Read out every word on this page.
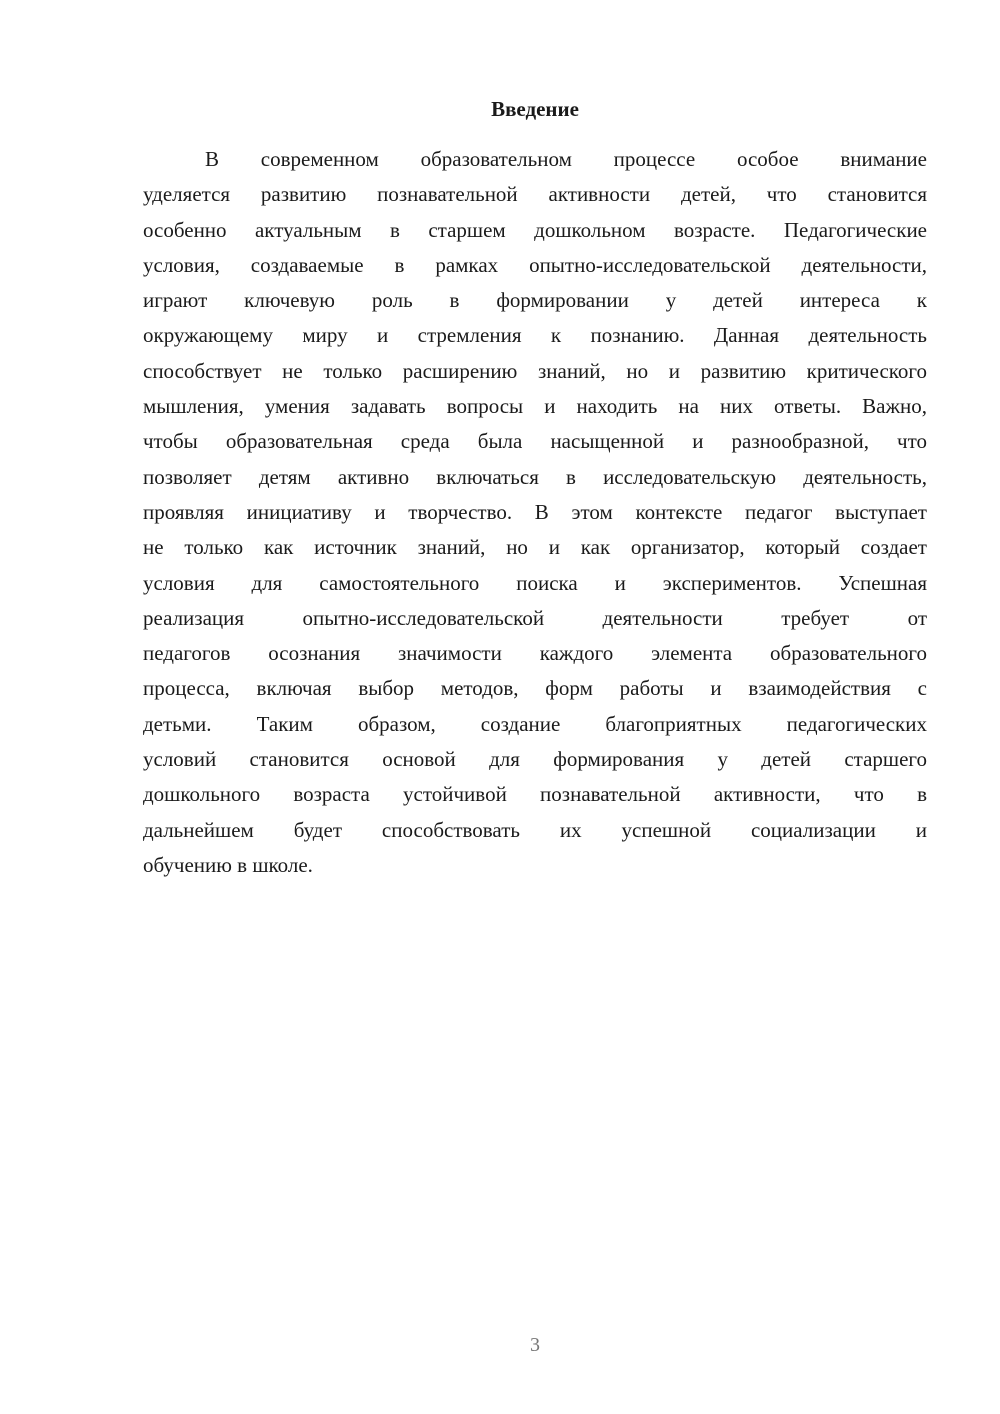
Введение
В современном образовательном процессе особое внимание
уделяется развитию познавательной активности детей, что становится
особенно актуальным в старшем дошкольном возрасте. Педагогические
условия, создаваемые в рамках опытно-исследовательской деятельности,
играют ключевую роль в формировании у детей интереса к
окружающему миру и стремления к познанию. Данная деятельность
способствует не только расширению знаний, но и развитию критического
мышления, умения задавать вопросы и находить на них ответы. Важно,
чтобы образовательная среда была насыщенной и разнообразной, что
позволяет детям активно включаться в исследовательскую деятельность,
проявляя инициативу и творчество. В этом контексте педагог выступает
не только как источник знаний, но и как организатор, который создает
условия для самостоятельного поиска и экспериментов. Успешная
реализация опытно-исследовательской деятельности требует от
педагогов осознания значимости каждого элемента образовательного
процесса, включая выбор методов, форм работы и взаимодействия с
детьми. Таким образом, создание благоприятных педагогических
условий становится основой для формирования у детей старшего
дошкольного возраста устойчивой познавательной активности, что в
дальнейшем будет способствовать их успешной социализации и
обучению в школе.
3
